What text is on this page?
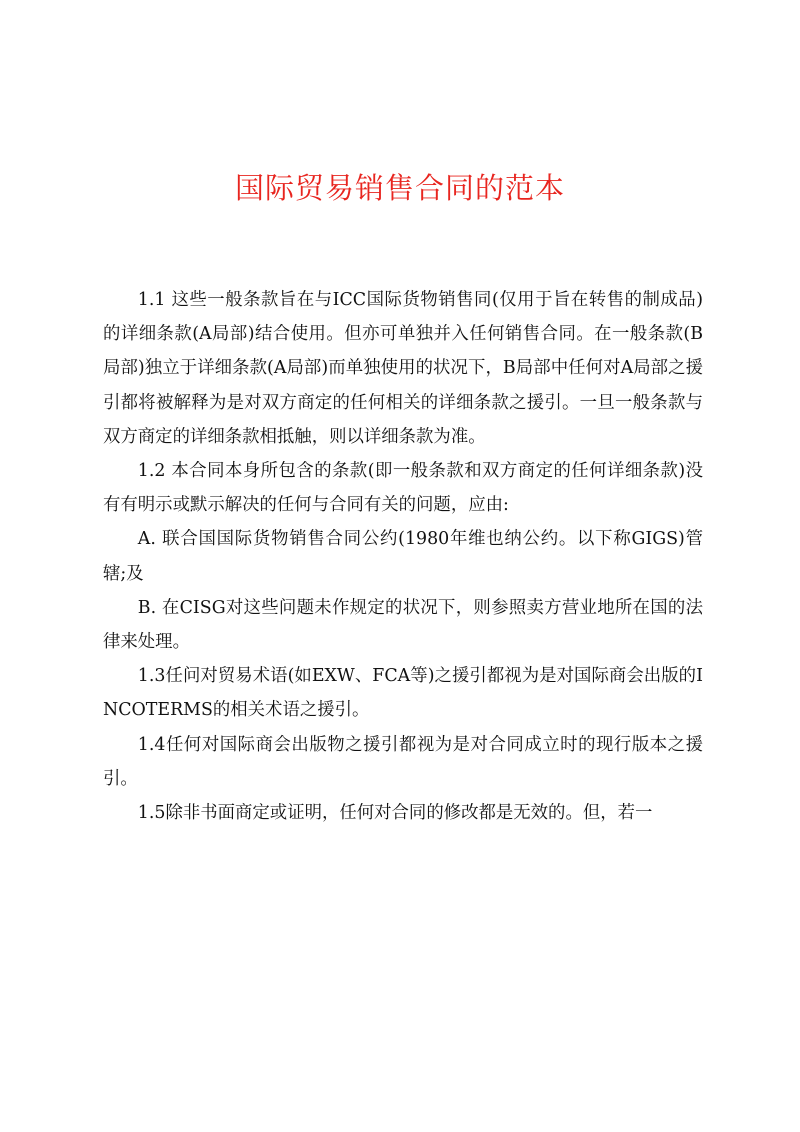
国际贸易销售合同的范本

1.1 这些一般条款旨在与ICC国际货物销售同(仅用于旨在转售的制成品)的详细条款(A局部)结合使用。但亦可单独并入任何销售合同。在一般条款(B局部)独立于详细条款(A局部)而单独使用的状况下，B局部中任何对A局部之援引都将被解释为是对双方商定的任何相关的详细条款之援引。一旦一般条款与双方商定的详细条款相抵触，则以详细条款为准。

1.2 本合同本身所包含的条款(即一般条款和双方商定的任何详细条款)没有有明示或默示解决的任何与合同有关的问题，应由:

A. 联合国国际货物销售合同公约(1980年维也纳公约。以下称GIGS)管辖;及

B. 在CISG对这些问题未作规定的状况下，则参照卖方营业地所在国的法律来处理。

1.3任问对贸易术语(如EXW、FCA等)之援引都视为是对国际商会出版的INCOTERMS的相关术语之援引。

1.4任何对国际商会出版物之援引都视为是对合同成立时的现行版本之援引。

1.5除非书面商定或证明，任何对合同的修改都是无效的。但，若一
